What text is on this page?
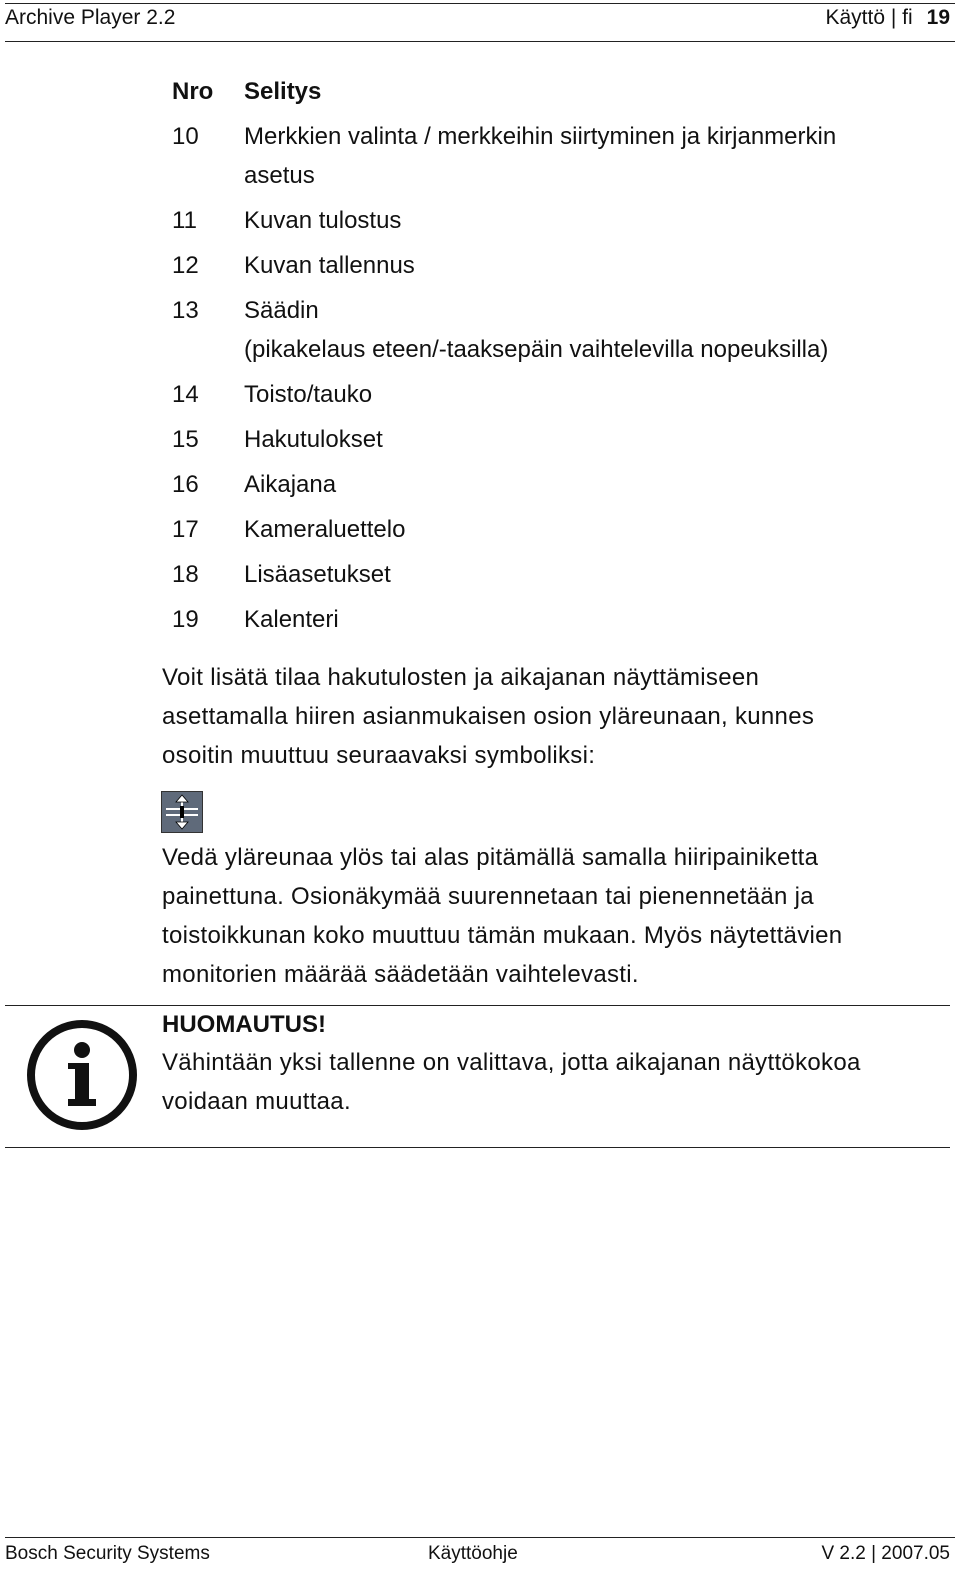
Archive Player 2.2	Käyttö | fi 19
Nro	Selitys
10	Merkkien valinta / merkkeihin siirtyminen ja kirjanmerkin
asetus
11	Kuvan tulostus
12	Kuvan tallennus
13	Säädin
(pikakelaus eteen/-taaksepäin vaihtelevilla nopeuksilla)
14	Toisto/tauko
15	Hakutulokset
16	Aikajana
17	Kameraluettelo
18	Lisäasetukset
19	Kalenteri
Voit lisätä tilaa hakutulosten ja aikajanan näyttämiseen
asettamalla hiiren asianmukaisen osion yläreunaan, kunnes
osoitin muuttuu seuraavaksi symboliksi:
Vedä yläreunaa ylös tai alas pitämällä samalla hiiripainiketta
painettuna. Osionäkymää suurennetaan tai pienennetään ja
toistoikkunan koko muuttuu tämän mukaan. Myös näytettävien
monitorien määrää säädetään vaihtelevasti.
HUOMAUTUS!
Vähintään yksi tallenne on valittava, jotta aikajanan näyttökokoa
voidaan muuttaa.
Bosch Security Systems	Käyttöohje	V 2.2 | 2007.05
